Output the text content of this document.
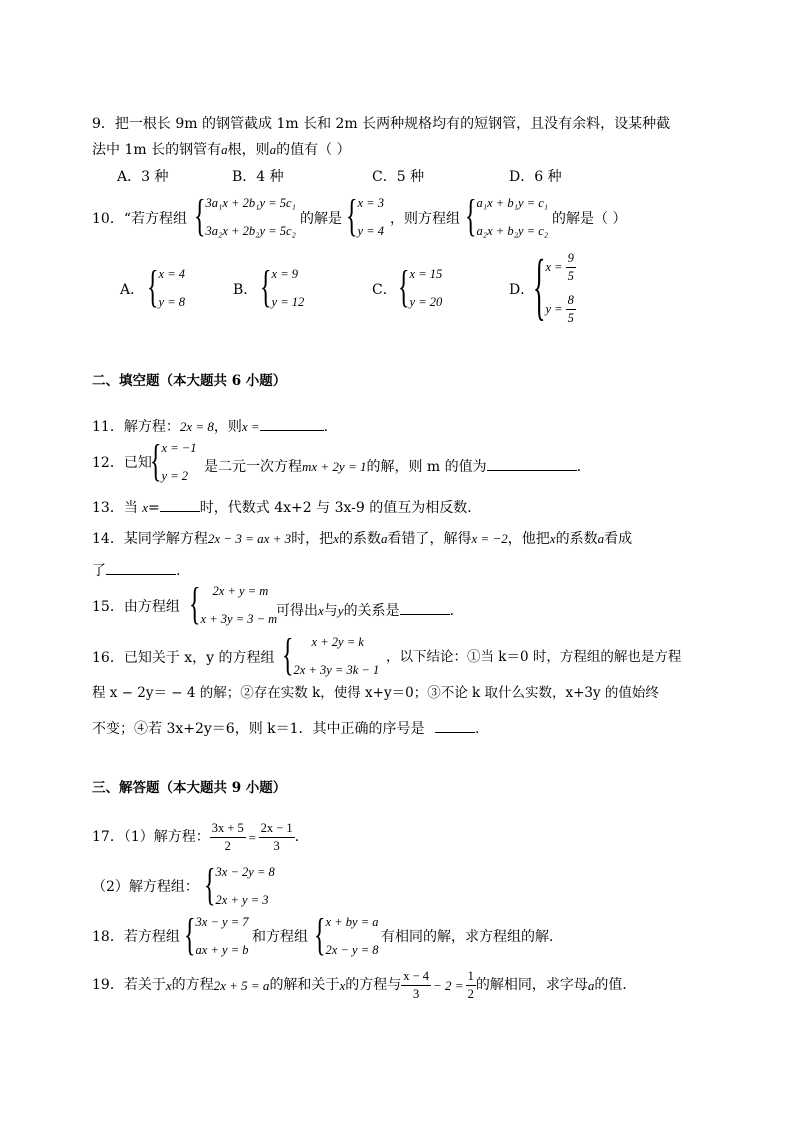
9．把一根长 9m 的钢管截成 1m 长和 2m 长两种规格均有的短钢管，且没有余料，设某种截
法中 1m 长的钢管有a根，则a的值有（ ）
A．3 种	B．4 种	C．5 种	D．6 种
10．“若方程组 { 3a₁x + 2b₁y = 5c₁
3a₂x + 2b₂y = 5c₂
的解是 { x = 3
y = 4
，则方程组 { a₁x + b₁y = c₁
a₂x + b₂y = c₂
的解是（ ）
A． { x = 4
y = 8
B． { x = 9
y = 12
C． { x = 15
y = 20
D．
{ $x = \frac{9}{5}$
$y = \frac{8}{5}$
二、填空题（本大题共 6 小题）
11．解方程：2x = 8，则x =	.
12．已知
{ x = −1
y = 2
是二元一次方程mx + 2y = 1的解，则 m 的值为	.
13．当 x=	时，代数式 4x+2 与 3x-9 的值互为相反数．
14．某同学解方程2x − 3 = ax + 3时，把x的系数a看错了，解得x = −2，他把x的系数a看成
了	.
15．由方程组 { 2x + y = m
x + 3y = 3 − m
可得出x与y的关系是	.
16．已知关于 x，y 的方程组 {	x + 2y = k
2x + 3y = 3k − 1
，以下结论：①当 k＝0 时，方程组的解也是方程
程 x − 2y＝ − 4 的解；②存在实数 k，使得 x+y＝0；③不论 k 取什么实数，x+3y 的值始终
不变；④若 3x+2y＝6，则 k＝1．其中正确的序号是	.
三、解答题（本大题共 9 小题）
17．（1）解方程： $\frac{3x + 5}{2} = \frac{2x - 1}{3}$ .
（2）解方程组： { 3x − 2y = 8
2x + y = 3
18．若方程组 { 3x − y = 7
ax + y = b
和方程组 { x + by = a
2x − y = 8
有相同的解，求方程组的解．
19．若关于 x 的方程 2x + 5 = a 的解和关于 x 的方程与 $\frac{x - 4}{3} - 2 = \frac{1}{2}$ 的解相同，求字母 a 的值．
